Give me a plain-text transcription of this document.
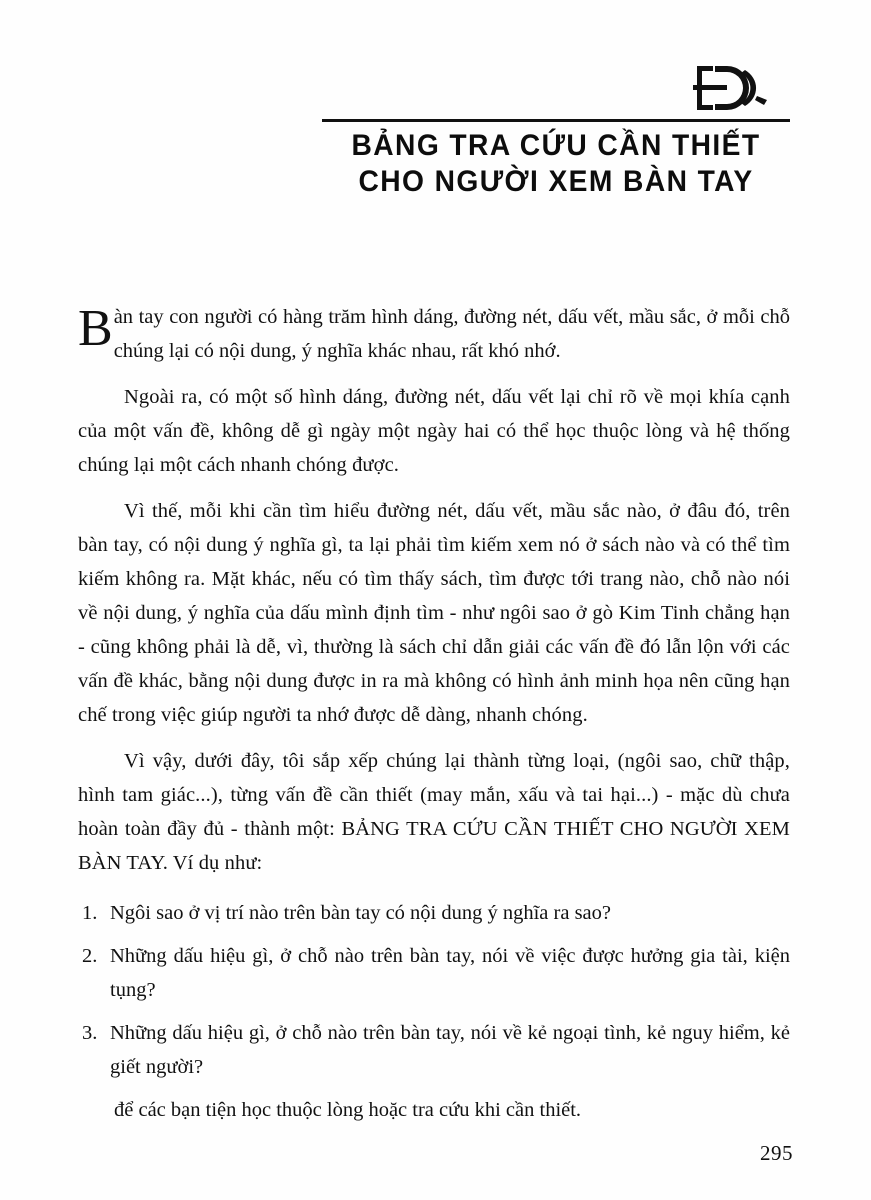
BẢNG TRA CỨU CẦN THIẾT
CHO NGƯỜI XEM BÀN TAY

Bàn tay con người có hàng trăm hình dáng, đường nét, dấu vết, mầu sắc, ở mỗi chỗ chúng lại có nội dung, ý nghĩa khác nhau, rất khó nhớ.

Ngoài ra, có một số hình dáng, đường nét, dấu vết lại chỉ rõ về mọi khía cạnh của một vấn đề, không dễ gì ngày một ngày hai có thể học thuộc lòng và hệ thống chúng lại một cách nhanh chóng được.

Vì thế, mỗi khi cần tìm hiểu đường nét, dấu vết, mầu sắc nào, ở đâu đó, trên bàn tay, có nội dung ý nghĩa gì, ta lại phải tìm kiếm xem nó ở sách nào và có thể tìm kiếm không ra. Mặt khác, nếu có tìm thấy sách, tìm được tới trang nào, chỗ nào nói về nội dung, ý nghĩa của dấu mình định tìm - như ngôi sao ở gò Kim Tinh chẳng hạn - cũng không phải là dễ, vì, thường là sách chỉ dẫn giải các vấn đề đó lẫn lộn với các vấn đề khác, bằng nội dung được in ra mà không có hình ảnh minh họa nên cũng hạn chế trong việc giúp người ta nhớ được dễ dàng, nhanh chóng.

Vì vậy, dưới đây, tôi sắp xếp chúng lại thành từng loại, (ngôi sao, chữ thập, hình tam giác...), từng vấn đề cần thiết (may mắn, xấu và tai hại...) - mặc dù chưa hoàn toàn đầy đủ - thành một: BẢNG TRA CỨU CẦN THIẾT CHO NGƯỜI XEM BÀN TAY. Ví dụ như:

1. Ngôi sao ở vị trí nào trên bàn tay có nội dung ý nghĩa ra sao?
2. Những dấu hiệu gì, ở chỗ nào trên bàn tay, nói về việc được hưởng gia tài, kiện tụng?
3. Những dấu hiệu gì, ở chỗ nào trên bàn tay, nói về kẻ ngoại tình, kẻ nguy hiểm, kẻ giết người?
để các bạn tiện học thuộc lòng hoặc tra cứu khi cần thiết.
295
